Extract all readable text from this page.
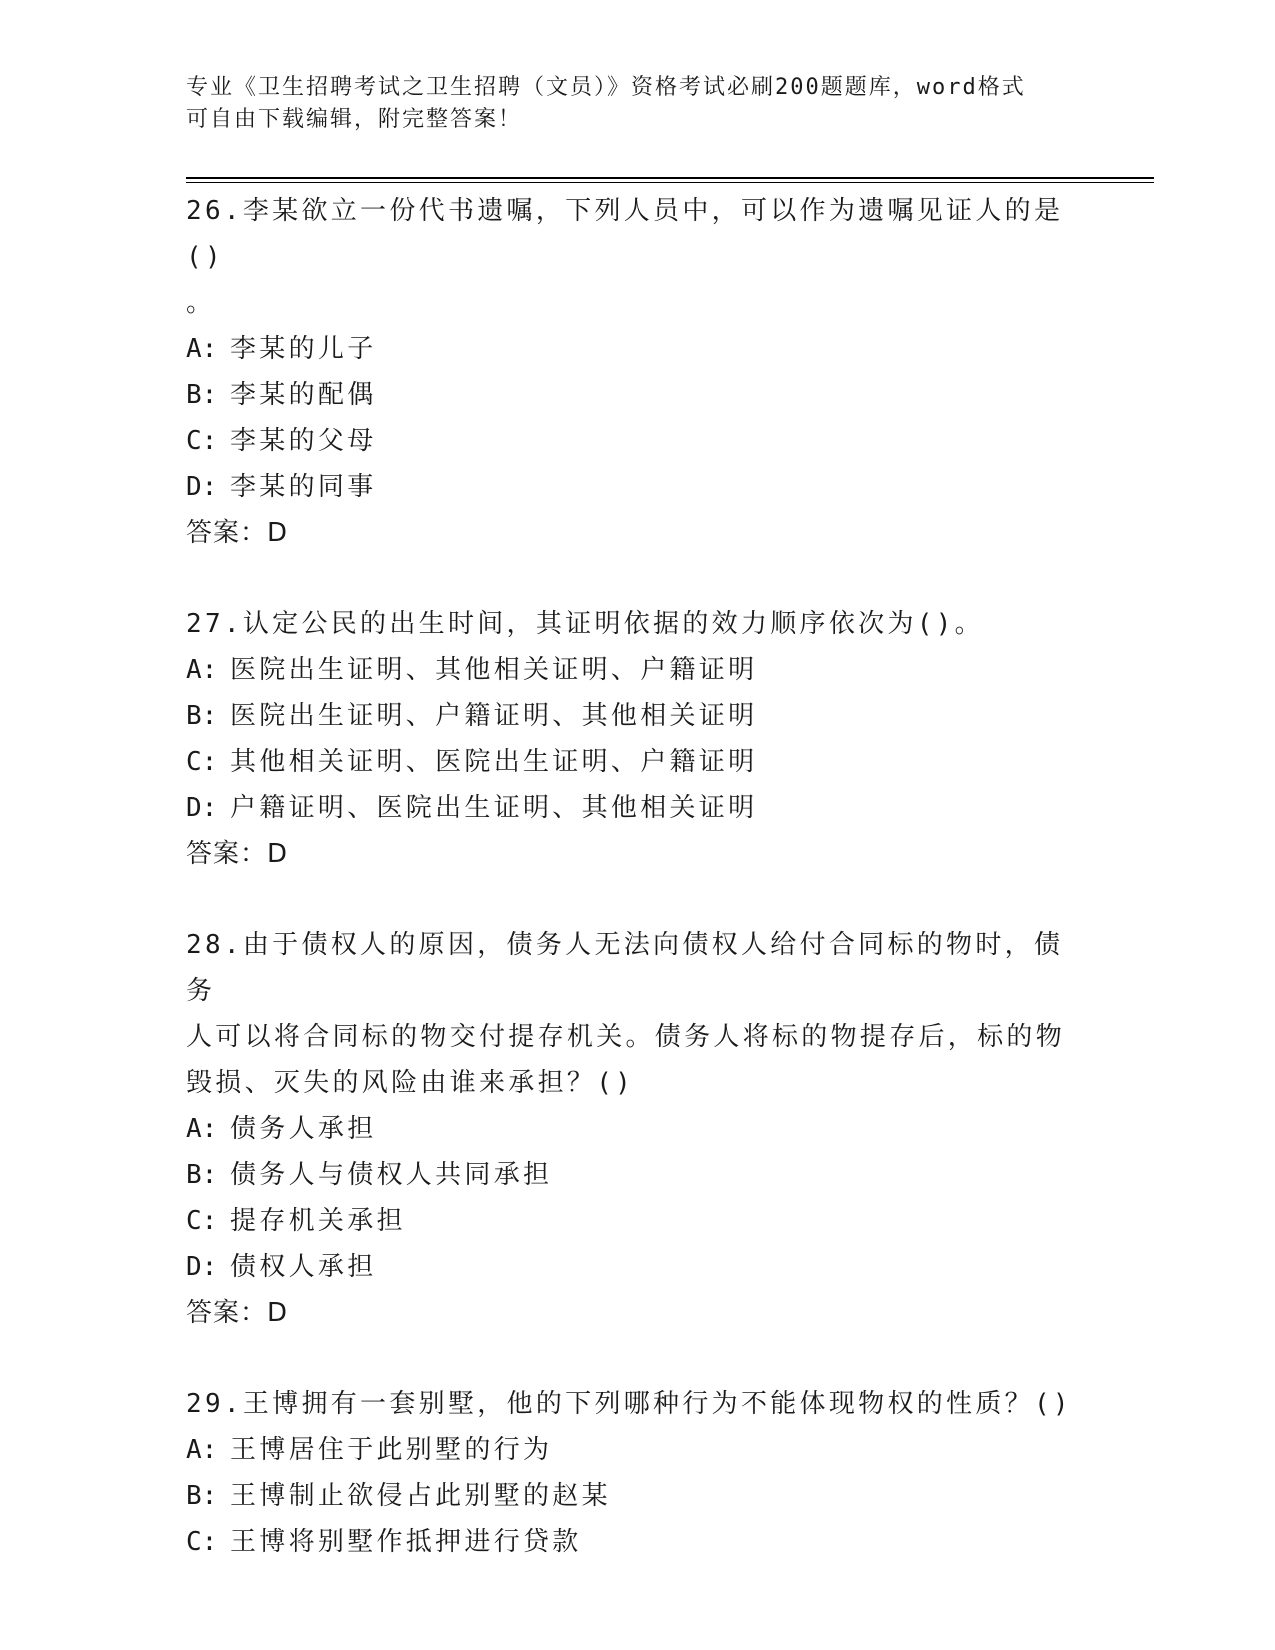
专业《卫生招聘考试之卫生招聘（文员）》资格考试必刷200题题库，word格式
可自由下载编辑，附完整答案！
26.李某欲立一份代书遗嘱，下列人员中，可以作为遗嘱见证人的是()
。
A: 李某的儿子
B: 李某的配偶
C: 李某的父母
D: 李某的同事
答案：D
27.认定公民的出生时间，其证明依据的效力顺序依次为()。
A: 医院出生证明、其他相关证明、户籍证明
B: 医院出生证明、户籍证明、其他相关证明
C: 其他相关证明、医院出生证明、户籍证明
D: 户籍证明、医院出生证明、其他相关证明
答案：D
28.由于债权人的原因，债务人无法向债权人给付合同标的物时，债务
人可以将合同标的物交付提存机关。债务人将标的物提存后，标的物
毁损、灭失的风险由谁来承担？()
A: 债务人承担
B: 债务人与债权人共同承担
C: 提存机关承担
D: 债权人承担
答案：D
29.王博拥有一套别墅，他的下列哪种行为不能体现物权的性质？()
A: 王博居住于此别墅的行为
B: 王博制止欲侵占此别墅的赵某
C: 王博将别墅作抵押进行贷款
